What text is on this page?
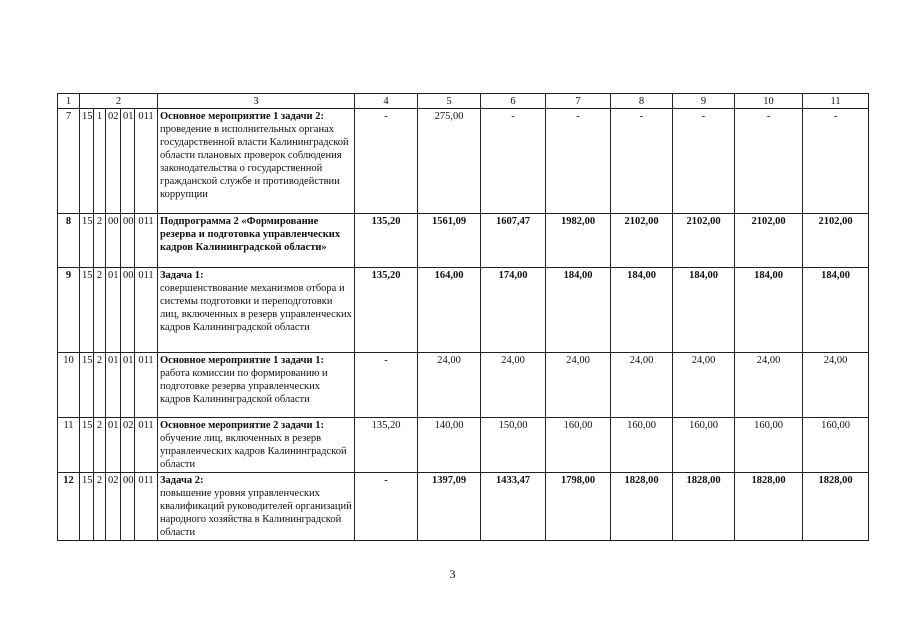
1	2					3	4	5	6	7	8	9	10	11
7	15	1	02	01	011	Основное мероприятие 1 задачи 2:
проведение в исполнительных органах государственной власти Калининградской области плановых проверок соблюдения законодательства о государственной гражданской службе и противодействии коррупции	-	275,00	-	-	-	-	-	-
8	15	2	00	00	011	Подпрограмма 2 «Формирование резерва и подготовка управленческих кадров Калининградской области»	135,20	1561,09	1607,47	1982,00	2102,00	2102,00	2102,00	2102,00
9	15	2	01	00	011	Задача 1:
совершенствование механизмов отбора и системы подготовки и переподготовки лиц, включенных в резерв управленческих кадров Калининградской области	135,20	164,00	174,00	184,00	184,00	184,00	184,00	184,00
10	15	2	01	01	011	Основное мероприятие 1 задачи 1:
работа комиссии по формированию и подготовке резерва управленческих кадров Калининградской области	-	24,00	24,00	24,00	24,00	24,00	24,00	24,00
11	15	2	01	02	011	Основное мероприятие 2 задачи 1:
обучение лиц, включенных в резерв управленческих кадров Калининградской области	135,20	140,00	150,00	160,00	160,00	160,00	160,00	160,00
12	15	2	02	00	011	Задача 2:
повышение уровня управленческих квалификаций руководителей организаций народного хозяйства в Калининградской области	-	1397,09	1433,47	1798,00	1828,00	1828,00	1828,00	1828,00
3
